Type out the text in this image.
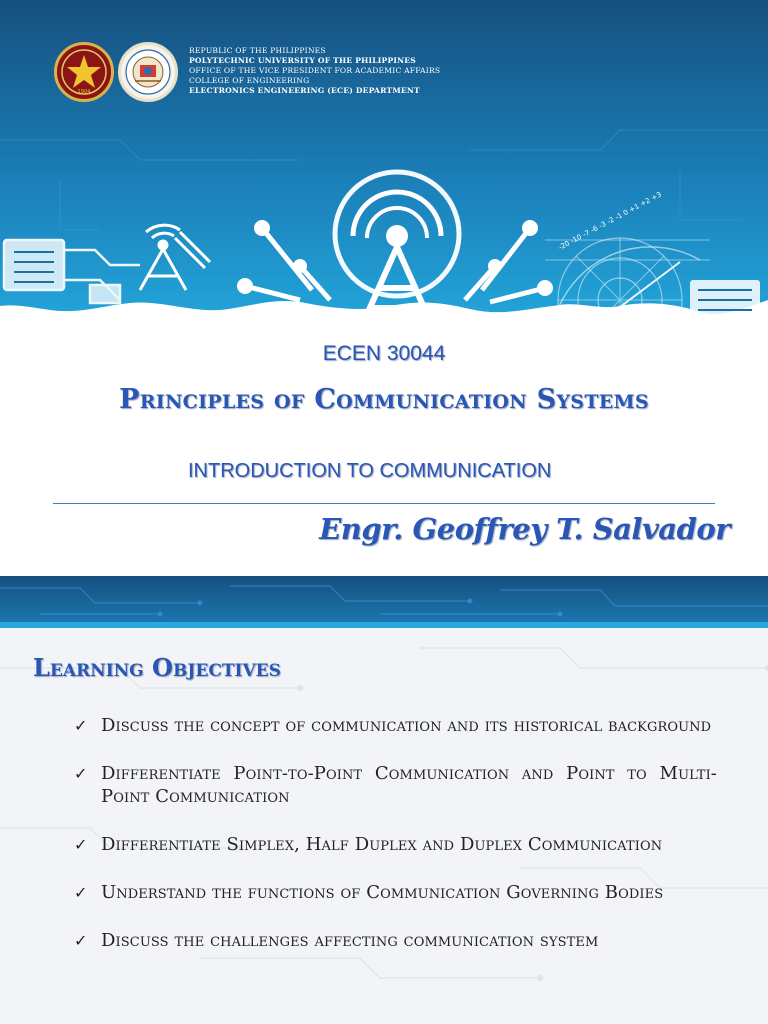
-20 -10 -7 -6 -3 -2 -1 0 +1 +2 +3
1904
REPUBLIC OF THE PHILIPPINES
POLYTECHNIC UNIVERSITY OF THE PHILIPPINES
OFFICE OF THE VICE PRESIDENT FOR ACADEMIC AFFAIRS
COLLEGE OF ENGINEERING
ELECTRONICS ENGINEERING (ECE) DEPARTMENT
ECEN 30044
Principles of Communication Systems
INTRODUCTION TO COMMUNICATION
Engr. Geoffrey T. Salvador
Learning Objectives
✓ Discuss the concept of communication and its historical background
✓ Differentiate Point-to-Point Communication and Point to Multi-Point Communication
✓ Differentiate Simplex, Half Duplex and Duplex Communication
✓ Understand the functions of Communication Governing Bodies
✓ Discuss the challenges affecting communication system
